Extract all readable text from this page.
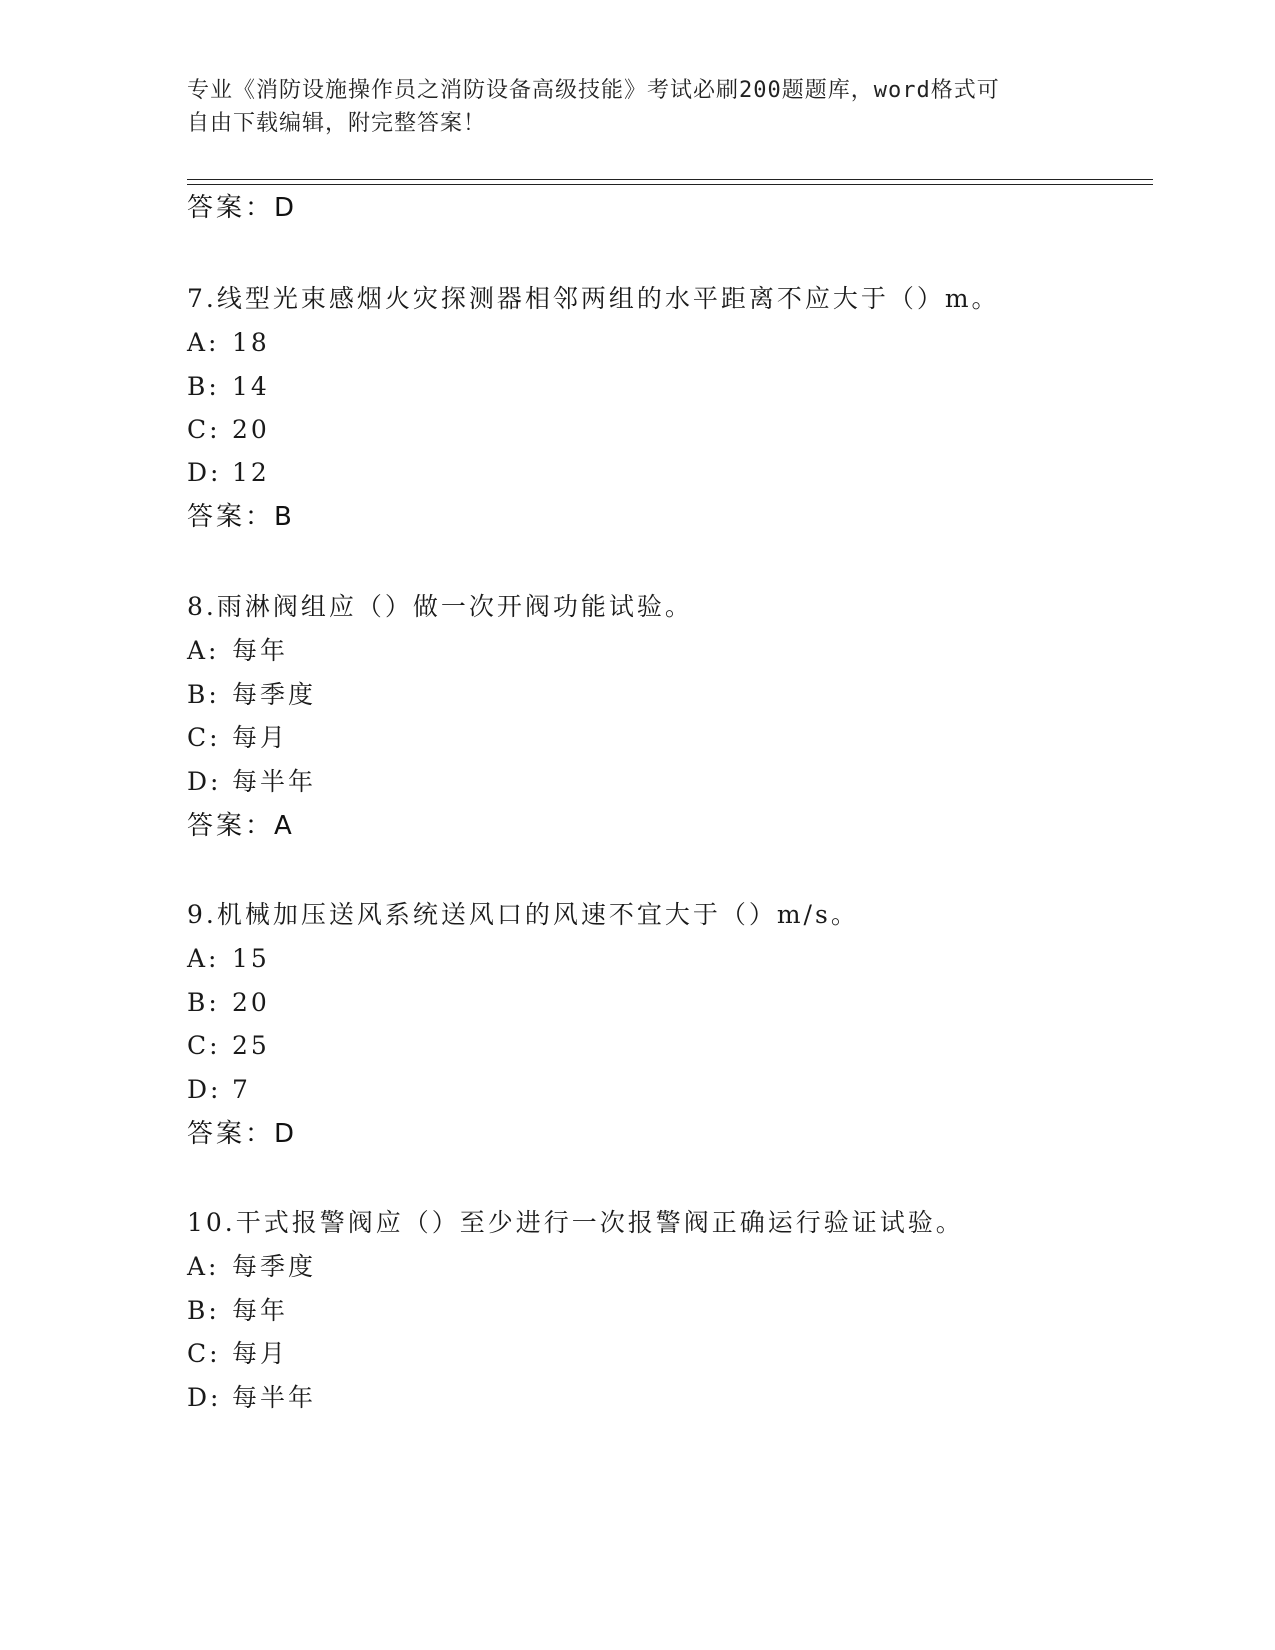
专业《消防设施操作员之消防设备高级技能》考试必刷200题题库，word格式可
自由下载编辑，附完整答案！
答案：D
7.线型光束感烟火灾探测器相邻两组的水平距离不应大于（）m。
A: 18
B: 14
C: 20
D: 12
答案：B
8.雨淋阀组应（）做一次开阀功能试验。
A: 每年
B: 每季度
C: 每月
D: 每半年
答案：A
9.机械加压送风系统送风口的风速不宜大于（）m/s。
A: 15
B: 20
C: 25
D: 7
答案：D
10.干式报警阀应（）至少进行一次报警阀正确运行验证试验。
A: 每季度
B: 每年
C: 每月
D: 每半年
